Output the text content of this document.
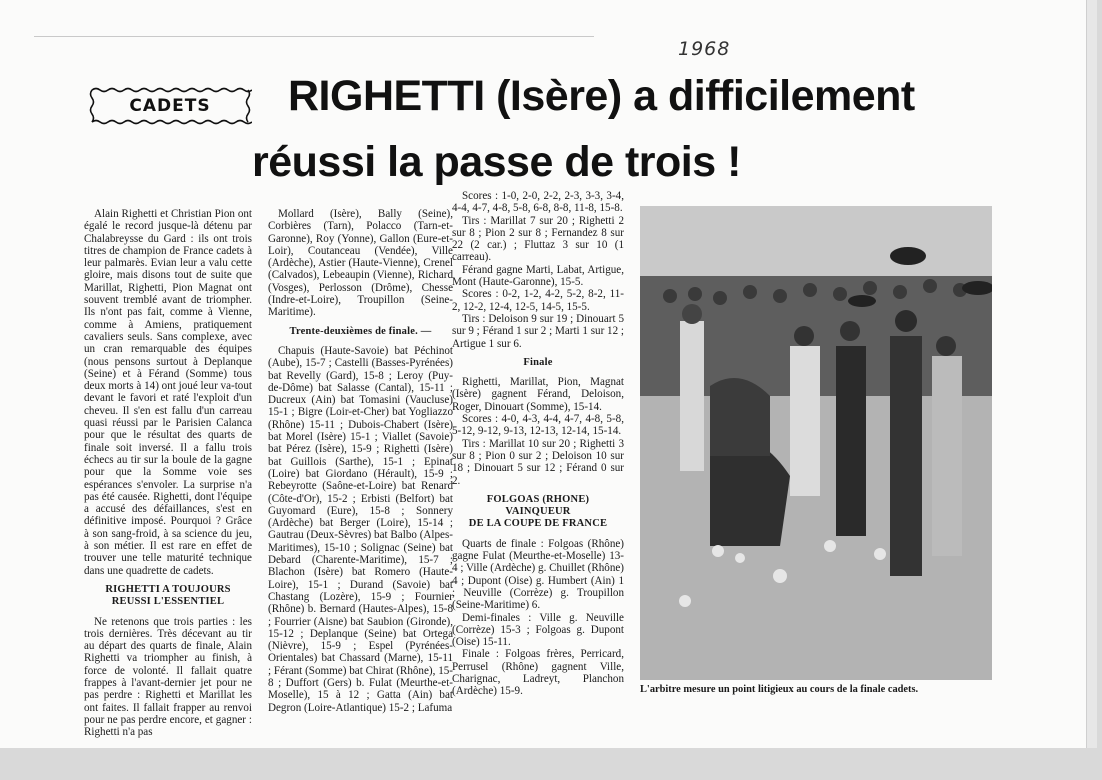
1968
CADETS	RIGHETTI (Isère) a difficilement
réussi la passe de trois !

Alain Righetti et Christian Pion ont égalé le record jusque-là détenu par Chalabreysse du Gard : ils ont trois titres de champion de France cadets à leur palmarès. Evian leur a valu cette gloire, mais disons tout de suite que Marillat, Righetti, Pion Magnat ont souvent tremblé avant de triompher. Ils n'ont pas fait, comme à Vienne, comme à Amiens, pratiquement cavaliers seuls. Sans complexe, avec un cran remarquable des équipes (nous pensons surtout à Deplanque (Seine) et à Férand (Somme) tous deux morts à 14) ont joué leur va-tout devant le favori et raté l'exploit d'un cheveu. Il s'en est fallu d'un carreau quasi réussi par le Parisien Calanca pour que le résultat des quarts de finale soit inversé. Il a fallu trois échecs au tir sur la boule de la gagne pour que la Somme voie ses espérances s'envoler. La surprise n'a pas été causée. Righetti, dont l'équipe a accusé des défaillances, s'est en définitive imposé. Pourquoi ? Grâce à son sang-froid, à sa science du jeu, à son métier. Il est rare en effet de trouver une telle maturité technique dans une quadrette de cadets.

RIGHETTI A TOUJOURS

REUSSI L'ESSENTIEL

Ne retenons que trois parties : les trois dernières. Très décevant au tir au départ des quarts de finale, Alain Righetti va triompher au finish, à force de volonté. Il fallait quatre frappes à l'avant-dernier jet pour ne pas perdre : Righetti et Marillat les ont faites. Il fallait frapper au renvoi pour ne pas perdre encore, et gagner : Righetti n'a pas

Mollard (Isère), Bally (Seine), Corbières (Tarn), Polacco (Tarn-et-Garonne), Roy (Yonne), Gallon (Eure-et-Loir), Coutanceau (Vendée), Ville (Ardèche), Astier (Haute-Vienne), Crenel (Calvados), Lebeaupin (Vienne), Richard (Vosges), Perlosson (Drôme), Chesse (Indre-et-Loire), Troupillon (Seine-Maritime).

Trente-deuxièmes de finale. —

Chapuis (Haute-Savoie) bat Péchinot (Aube), 15-7 ; Castelli (Basses-Pyrénées) bat Revelly (Gard), 15-8 ; Leroy (Puy-de-Dôme) bat Salasse (Cantal), 15-11 ; Ducreux (Ain) bat Tomasini (Vaucluse) 15-1 ; Bigre (Loir-et-Cher) bat Yogliazzo (Rhône) 15-11 ; Dubois-Chabert (Isère) bat Morel (Isère) 15-1 ; Viallet (Savoie) bat Pérez (Isère), 15-9 ; Righetti (Isère) bat Guillois (Sarthe), 15-1 ; Epinat (Loire) bat Giordano (Hérault), 15-9 ; Rebeyrotte (Saône-et-Loire) bat Renard (Côte-d'Or), 15-2 ; Erbisti (Belfort) bat Guyomard (Eure), 15-8 ; Sonnery (Ardèche) bat Berger (Loire), 15-14 ; Gautrau (Deux-Sèvres) bat Balbo (Alpes-Maritimes), 15-10 ; Solignac (Seine) bat Debard (Charente-Maritime), 15-7 ; Blachon (Isère) bat Romero (Haute-Loire), 15-1 ; Durand (Savoie) bat Chastang (Lozère), 15-9 ; Fournier (Rhône) b. Bernard (Hautes-Alpes), 15-8 ; Fourrier (Aisne) bat Saubion (Gironde), 15-12 ; Deplanque (Seine) bat Ortega (Nièvre), 15-9 ; Espel (Pyrénées-Orientales) bat Chassard (Marne), 15-11 ; Férant (Somme) bat Chirat (Rhône), 15-8 ; Duffort (Gers) b. Fulat (Meurthe-et-Moselle), 15 à 12 ; Gatta (Ain) bat Degron (Loire-Atlantique) 15-2 ; Lafuma

Scores : 1-0, 2-0, 2-2, 2-3, 3-3, 3-4, 4-4, 4-7, 4-8, 5-8, 6-8, 8-8, 11-8, 15-8.

Tirs : Marillat 7 sur 20 ; Righetti 2 sur 8 ; Pion 2 sur 8 ; Fernandez 8 sur 22 (2 car.) ; Fluttaz 3 sur 10 (1 carreau).

Férand gagne Marti, Labat, Artigue, Mont (Haute-Garonne), 15-5.

Scores : 0-2, 1-2, 4-2, 5-2, 8-2, 11-2, 12-2, 12-4, 12-5, 14-5, 15-5.

Tirs : Deloison 9 sur 19 ; Dinouart 5 sur 9 ; Férand 1 sur 2 ; Marti 1 sur 12 ; Artigue 1 sur 6.

Finale

Righetti, Marillat, Pion, Magnat (Isère) gagnent Férand, Deloison, Roger, Dinouart (Somme), 15-14.

Scores : 4-0, 4-3, 4-4, 4-7, 4-8, 5-8, 5-12, 9-12, 9-13, 12-13, 12-14, 15-14.

Tirs : Marillat 10 sur 20 ; Righetti 3 sur 8 ; Pion 0 sur 2 ; Deloison 10 sur 18 ; Dinouart 5 sur 12 ; Férand 0 sur 2.

FOLGOAS (RHONE)

VAINQUEUR

DE LA COUPE DE FRANCE

Quarts de finale : Folgoas (Rhône) gagne Fulat (Meurthe-et-Moselle) 13-4 ; Ville (Ardèche) g. Chuillet (Rhône) 4 ; Dupont (Oise) g. Humbert (Ain) 1 ; Neuville (Corrèze) g. Troupillon (Seine-Maritime) 6.

Demi-finales : Ville g. Neuville (Corrèze) 15-3 ; Folgoas g. Dupont (Oise) 15-11.

Finale : Folgoas frères, Perricard, Perrusel (Rhône) gagnent Ville, Charignac, Ladreyt, Planchon (Ardèche) 15-9.	L'arbitre mesure un point litigieux au cours de la finale cadets.
